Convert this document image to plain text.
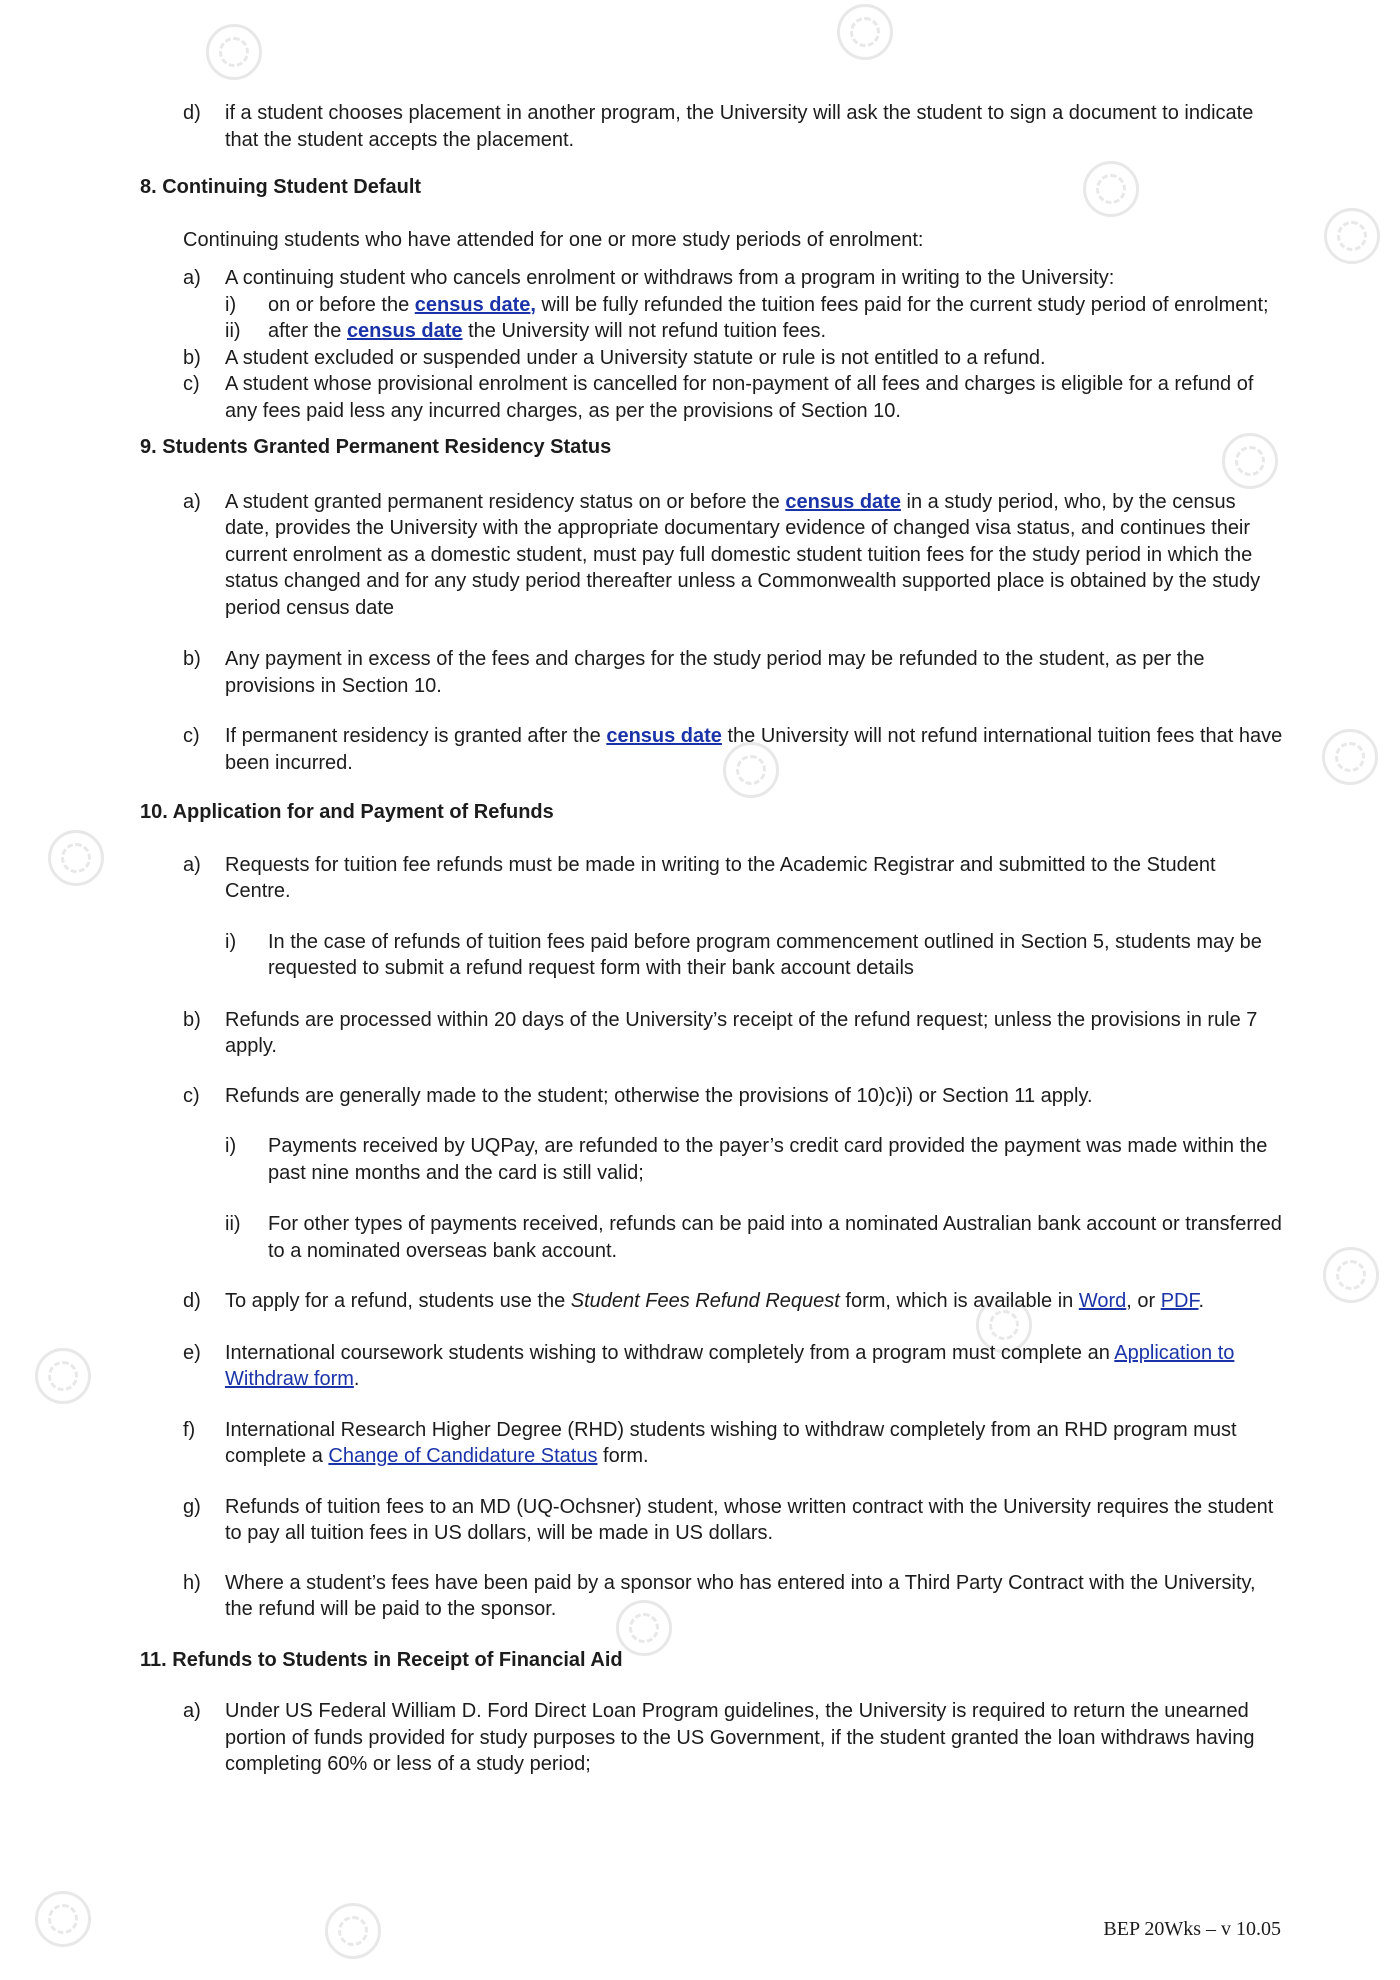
d) if a student chooses placement in another program, the University will ask the student to sign a document to indicate that the student accepts the placement.
8. Continuing Student Default
Continuing students who have attended for one or more study periods of enrolment:
a) A continuing student who cancels enrolment or withdraws from a program in writing to the University:
i) on or before the census date, will be fully refunded the tuition fees paid for the current study period of enrolment;
ii) after the census date the University will not refund tuition fees.
b) A student excluded or suspended under a University statute or rule is not entitled to a refund.
c) A student whose provisional enrolment is cancelled for non-payment of all fees and charges is eligible for a refund of any fees paid less any incurred charges, as per the provisions of Section 10.
9. Students Granted Permanent Residency Status
a) A student granted permanent residency status on or before the census date in a study period, who, by the census date, provides the University with the appropriate documentary evidence of changed visa status, and continues their current enrolment as a domestic student, must pay full domestic student tuition fees for the study period in which the status changed and for any study period thereafter unless a Commonwealth supported place is obtained by the study period census date
b) Any payment in excess of the fees and charges for the study period may be refunded to the student, as per the provisions in Section 10.
c) If permanent residency is granted after the census date the University will not refund international tuition fees that have been incurred.
10. Application for and Payment of Refunds
a) Requests for tuition fee refunds must be made in writing to the Academic Registrar and submitted to the Student Centre.
i) In the case of refunds of tuition fees paid before program commencement outlined in Section 5, students may be requested to submit a refund request form with their bank account details
b) Refunds are processed within 20 days of the University’s receipt of the refund request; unless the provisions in rule 7 apply.
c) Refunds are generally made to the student; otherwise the provisions of 10)c)i) or Section 11 apply.
i) Payments received by UQPay, are refunded to the payer’s credit card provided the payment was made within the past nine months and the card is still valid;
ii) For other types of payments received, refunds can be paid into a nominated Australian bank account or transferred to a nominated overseas bank account.
d) To apply for a refund, students use the Student Fees Refund Request form, which is available in Word, or PDF.
e) International coursework students wishing to withdraw completely from a program must complete an Application to Withdraw form.
f) International Research Higher Degree (RHD) students wishing to withdraw completely from an RHD program must complete a Change of Candidature Status form.
g) Refunds of tuition fees to an MD (UQ-Ochsner) student, whose written contract with the University requires the student to pay all tuition fees in US dollars, will be made in US dollars.
h) Where a student’s fees have been paid by a sponsor who has entered into a Third Party Contract with the University, the refund will be paid to the sponsor.
11. Refunds to Students in Receipt of Financial Aid
a) Under US Federal William D. Ford Direct Loan Program guidelines, the University is required to return the unearned portion of funds provided for study purposes to the US Government, if the student granted the loan withdraws having completing 60% or less of a study period;
BEP 20Wks – v 10.05
